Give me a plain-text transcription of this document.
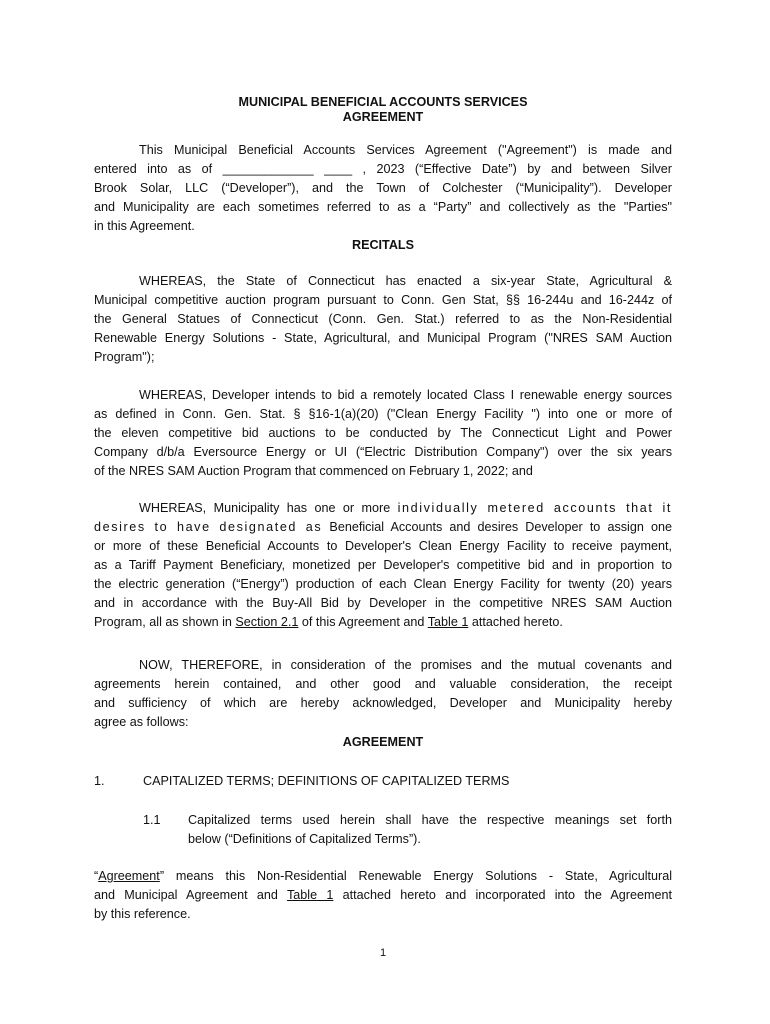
MUNICIPAL BENEFICIAL ACCOUNTS SERVICES
AGREEMENT
This Municipal Beneficial Accounts Services Agreement ("Agreement") is made and
entered into as of _____________ ____ , 2023 (“Effective Date”) by and between Silver
Brook Solar, LLC (“Developer”), and the Town of Colchester (“Municipality”). Developer
and Municipality are each sometimes referred to as a “Party” and collectively as the "Parties"
in this Agreement.
RECITALS
WHEREAS, the State of Connecticut has enacted a six-year State, Agricultural &
Municipal competitive auction program pursuant to Conn. Gen Stat, §§ 16-244u and 16-244z of
the General Statues of Connecticut (Conn. Gen. Stat.) referred to as the Non-Residential
Renewable Energy Solutions - State, Agricultural, and Municipal Program ("NRES SAM Auction
Program");
WHEREAS, Developer intends to bid a remotely located Class I renewable energy sources
as defined in Conn. Gen. Stat. § §16-1(a)(20) ("Clean Energy Facility ") into one or more of
the eleven competitive bid auctions to be conducted by The Connecticut Light and Power
Company d/b/a Eversource Energy or UI (“Electric Distribution Company") over the six years
of the NRES SAM Auction Program that commenced on February 1, 2022; and
WHEREAS, Municipality has one or more individually metered accounts that it
desires to have designated as Beneficial Accounts and desires Developer to assign one
or more of these Beneficial Accounts to Developer's Clean Energy Facility to receive payment,
as a Tariff Payment Beneficiary, monetized per Developer's competitive bid and in proportion to
the electric generation (“Energy”) production of each Clean Energy Facility for twenty (20) years
and in accordance with the Buy-All Bid by Developer in the competitive NRES SAM Auction
Program, all as shown in Section 2.1 of this Agreement and Table 1 attached hereto.
NOW, THEREFORE, in consideration of the promises and the mutual covenants and
agreements herein contained, and other good and valuable consideration, the receipt
and sufficiency of which are hereby acknowledged, Developer and Municipality hereby
agree as follows:
AGREEMENT
1.	CAPITALIZED TERMS; DEFINITIONS OF CAPITALIZED TERMS
1.1 Capitalized terms used herein shall have the respective meanings set forth
below (“Definitions of Capitalized Terms”).
“Agreement” means this Non-Residential Renewable Energy Solutions - State, Agricultural
and Municipal Agreement and Table 1 attached hereto and incorporated into the Agreement
by this reference.
1
